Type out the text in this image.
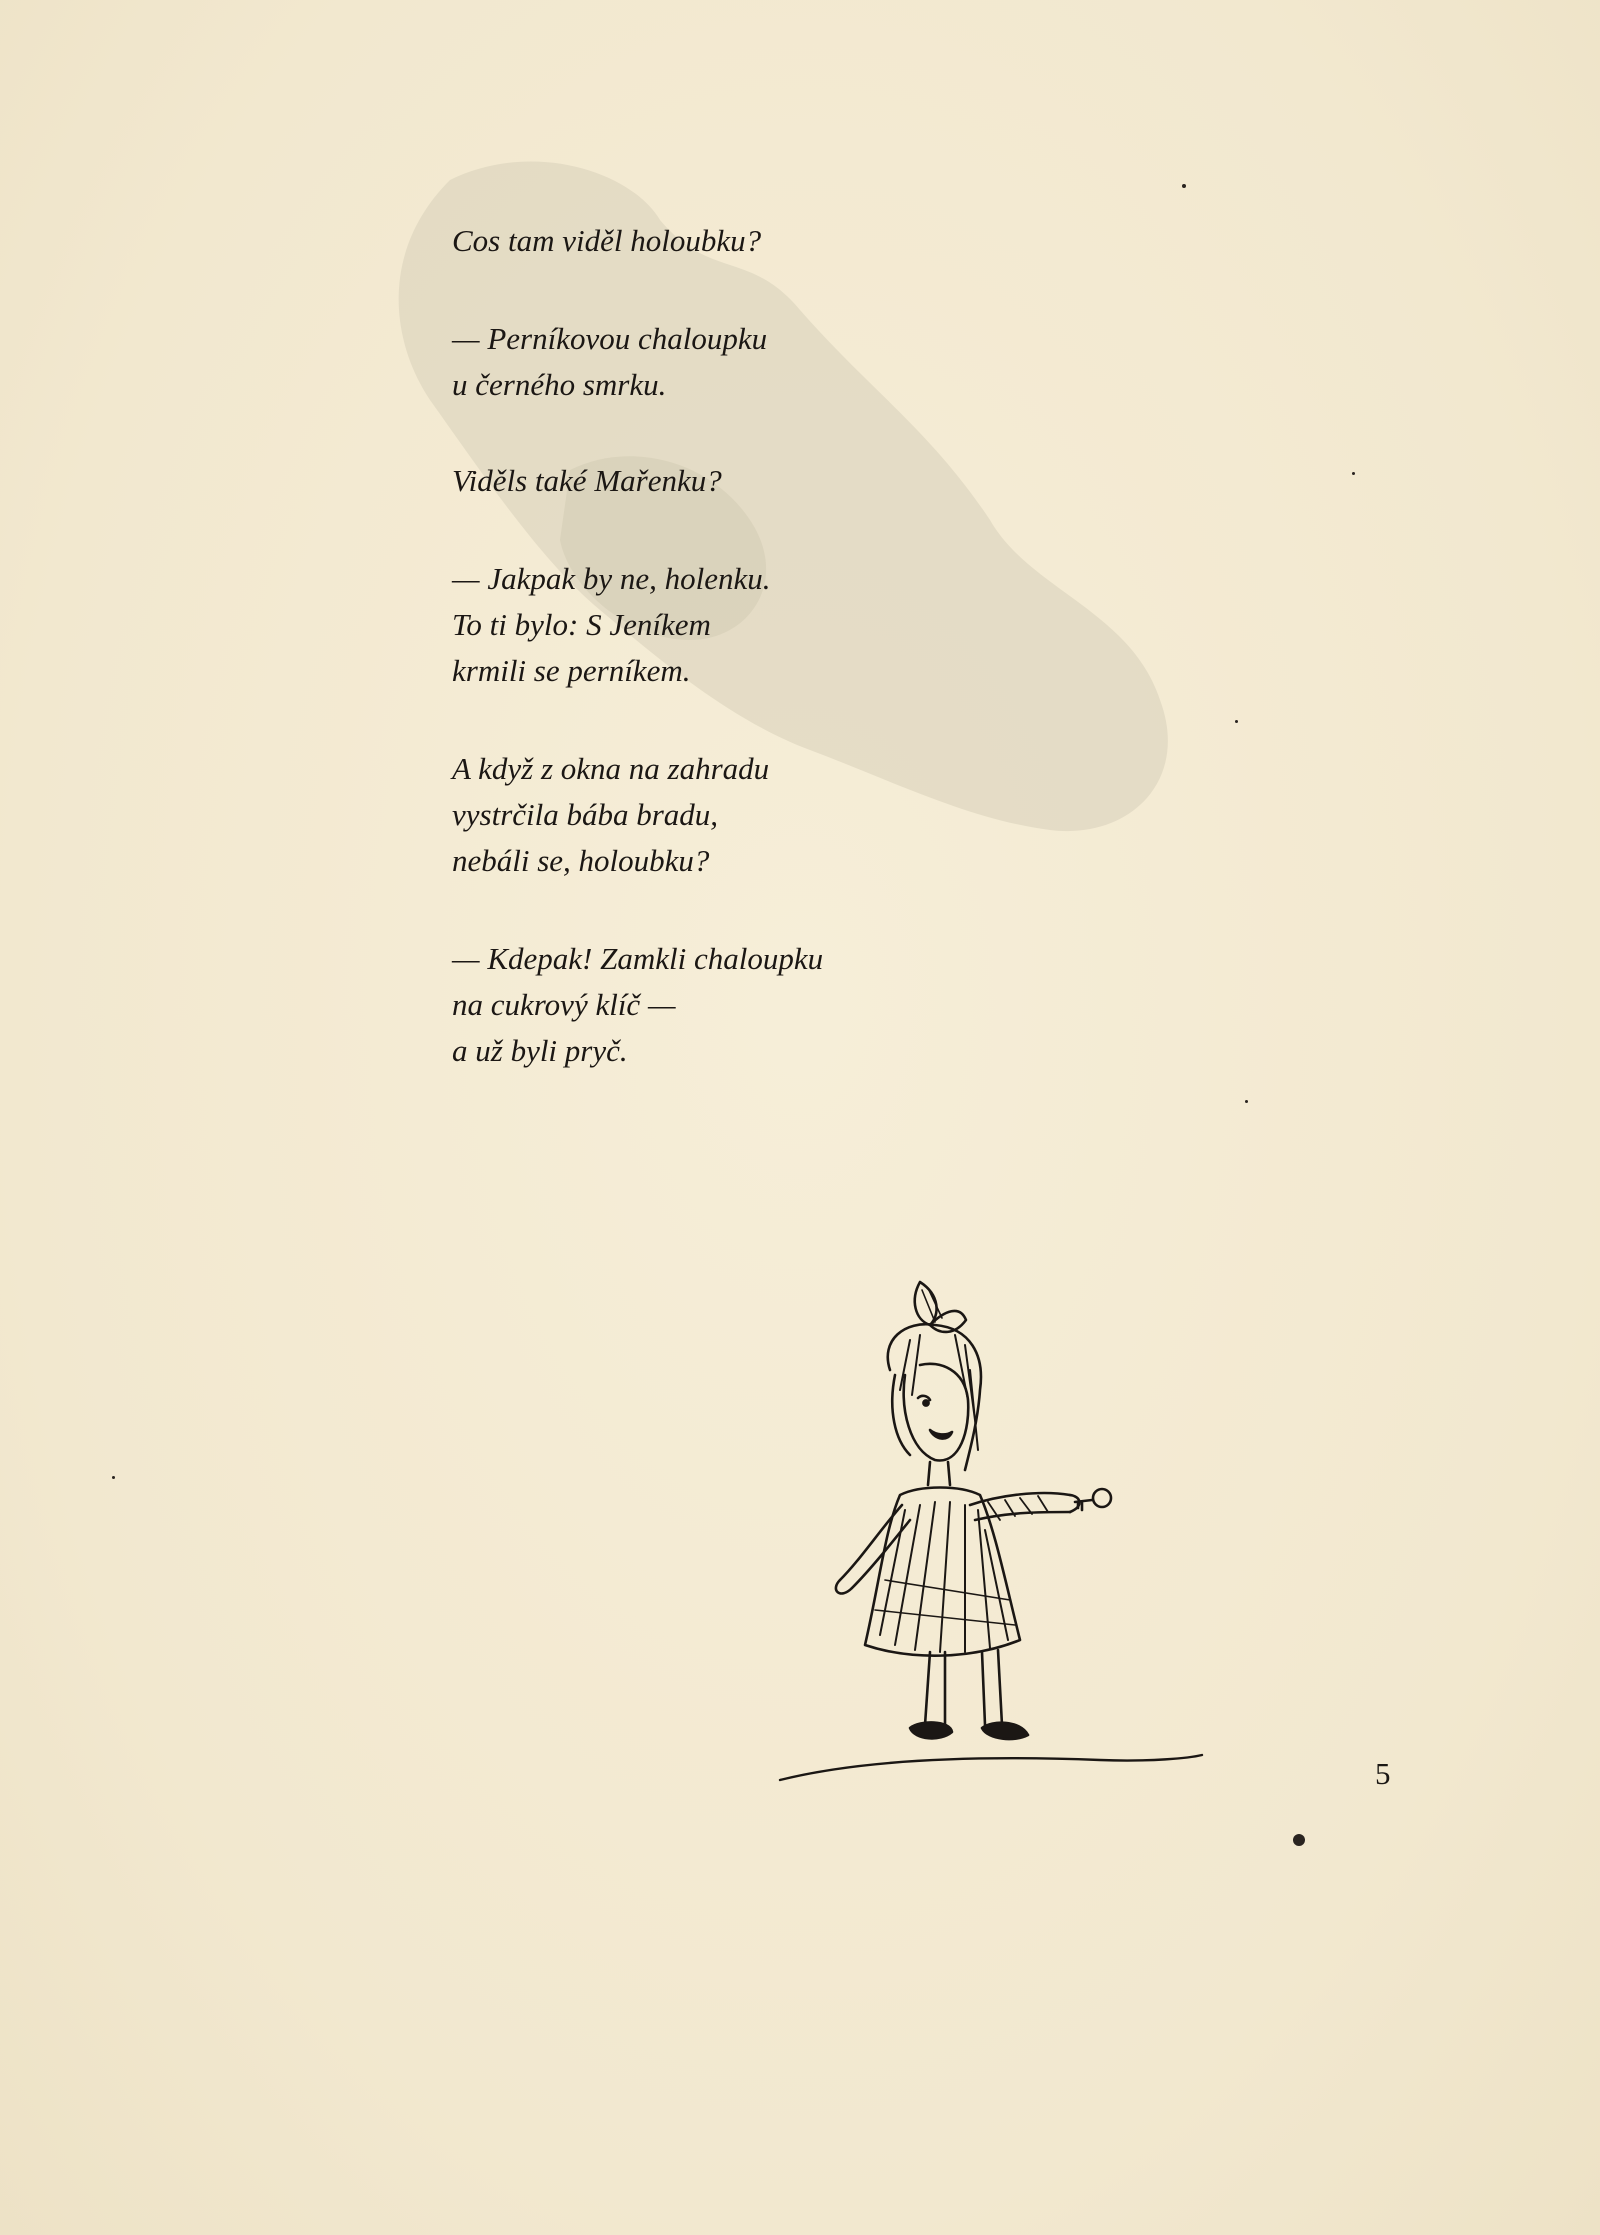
Cos tam viděl holoubku?
— Perníkovou chaloupku
u černého smrku.
Viděls také Mařenku?
— Jakpak by ne, holenku.
To ti bylo: S Jeníkem
krmili se perníkem.
A když z okna na zahradu
vystrčila bába bradu,
nebáli se, holoubku?
— Kdepak! Zamkli chaloupku
na cukrový klíč —
a už byli pryč.
5
